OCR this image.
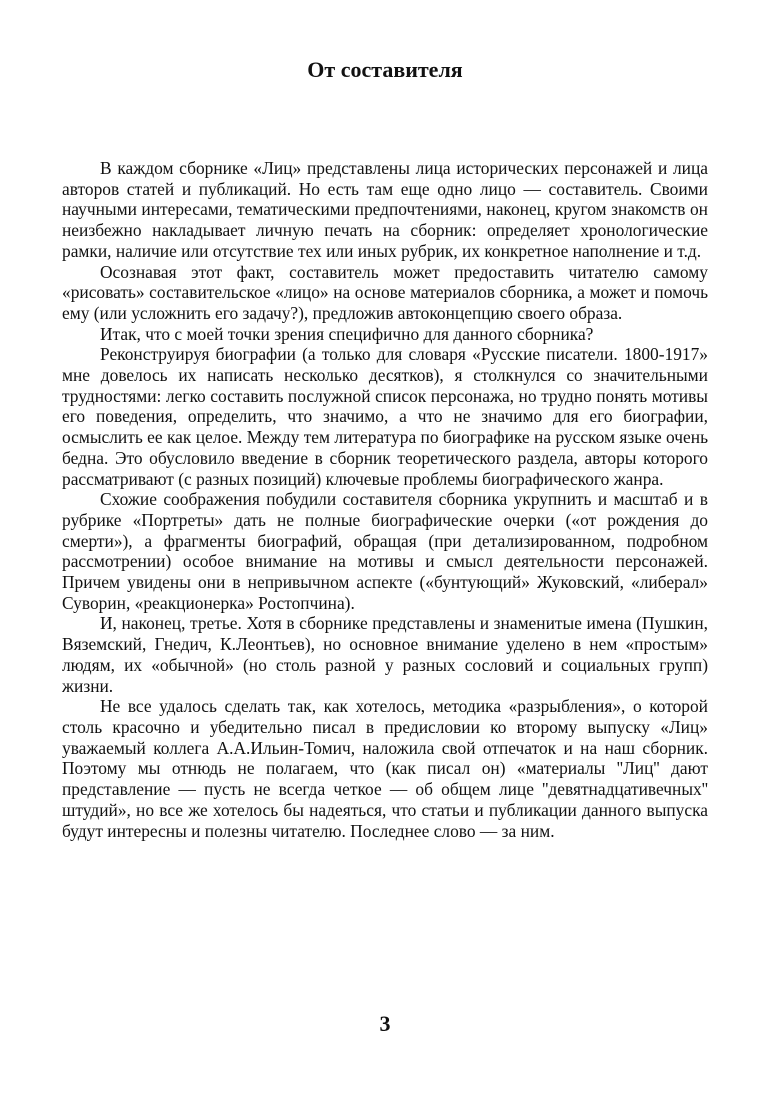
От составителя

В каждом сборнике «Лиц» представлены лица исторических персонажей и лица авторов статей и публикаций. Но есть там еще одно лицо — составитель. Своими научными интересами, тематическими предпочтениями, наконец, кругом знакомств он неизбежно накладывает личную печать на сборник: определяет хронологические рамки, наличие или отсутствие тех или иных рубрик, их конкретное наполнение и т.д.

Осознавая этот факт, составитель может предоставить читателю самому «рисовать» составительское «лицо» на основе материалов сборника, а может и помочь ему (или усложнить его задачу?), предложив автоконцепцию своего образа.

Итак, что с моей точки зрения специфично для данного сборника?

Реконструируя биографии (а только для словаря «Русские писатели. 1800-1917» мне довелось их написать несколько десятков), я столкнулся со значительными трудностями: легко составить послужной список персонажа, но трудно понять мотивы его поведения, определить, что значимо, а что не значимо для его биографии, осмыслить ее как целое. Между тем литература по биографике на русском языке очень бедна. Это обусловило введение в сборник теоретического раздела, авторы которого рассматривают (с разных позиций) ключевые проблемы биографического жанра.

Схожие соображения побудили составителя сборника укрупнить и масштаб и в рубрике «Портреты» дать не полные биографические очерки («от рождения до смерти»), а фрагменты биографий, обращая (при детализированном, подробном рассмотрении) особое внимание на мотивы и смысл деятельности персонажей. Причем увидены они в непривычном аспекте («бунтующий» Жуковский, «либерал» Суворин, «реакционерка» Ростопчина).

И, наконец, третье. Хотя в сборнике представлены и знаменитые имена (Пушкин, Вяземский, Гнедич, К.Леонтьев), но основное внимание уделено в нем «простым» людям, их «обычной» (но столь разной у разных сословий и социальных групп) жизни.

Не все удалось сделать так, как хотелось, методика «разрыбления», о которой столь красочно и убедительно писал в предисловии ко второму выпуску «Лиц» уважаемый коллега А.А.Ильин-Томич, наложила свой отпечаток и на наш сборник. Поэтому мы отнюдь не полагаем, что (как писал он) «материалы ''Лиц'' дают представление — пусть не всегда четкое — об общем лице ''девятнадцативечных'' штудий», но все же хотелось бы надеяться, что статьи и публикации данного выпуска будут интересны и полезны читателю. Последнее слово — за ним.

3
